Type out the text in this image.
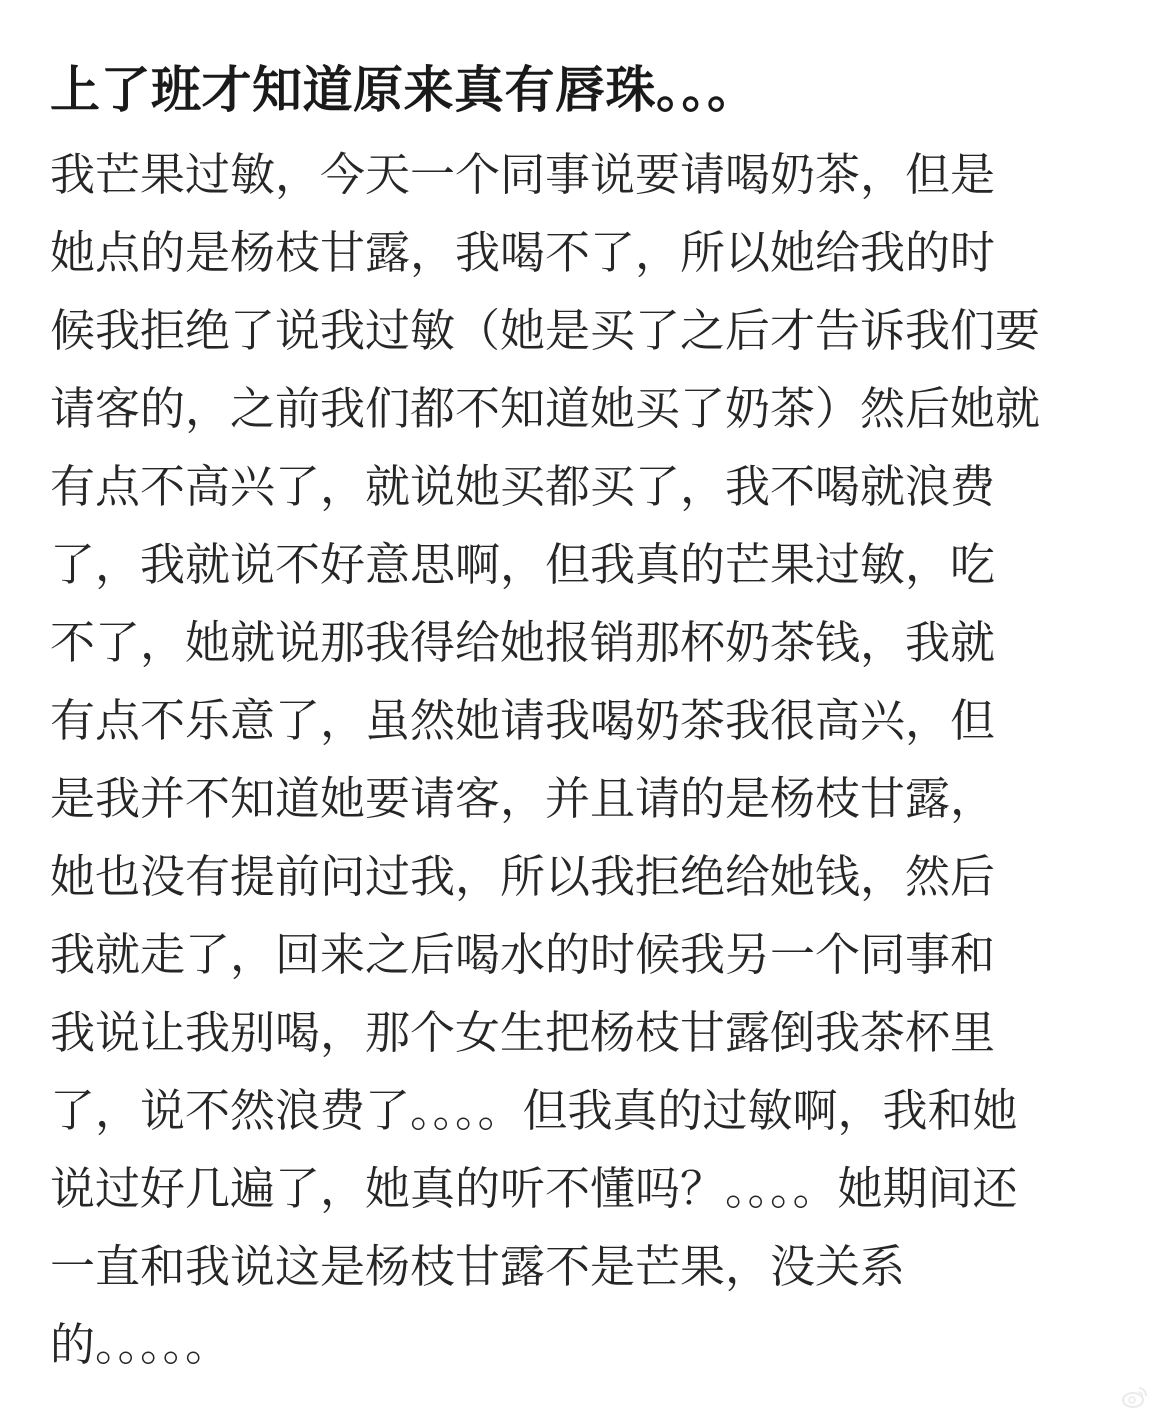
上了班才知道原来真有唇珠。。。
我芒果过敏，今天一个同事说要请喝奶茶，但是
她点的是杨枝甘露，我喝不了，所以她给我的时
候我拒绝了说我过敏（她是买了之后才告诉我们要
请客的，之前我们都不知道她买了奶茶）然后她就
有点不高兴了，就说她买都买了，我不喝就浪费
了，我就说不好意思啊，但我真的芒果过敏，吃
不了，她就说那我得给她报销那杯奶茶钱，我就
有点不乐意了，虽然她请我喝奶茶我很高兴，但
是我并不知道她要请客，并且请的是杨枝甘露，
她也没有提前问过我，所以我拒绝给她钱，然后
我就走了，回来之后喝水的时候我另一个同事和
我说让我别喝，那个女生把杨枝甘露倒我茶杯里
了，说不然浪费了。。。。但我真的过敏啊，我和她
说过好几遍了，她真的听不懂吗？。。。。她期间还
一直和我说这是杨枝甘露不是芒果，没关系
的。。。。。
